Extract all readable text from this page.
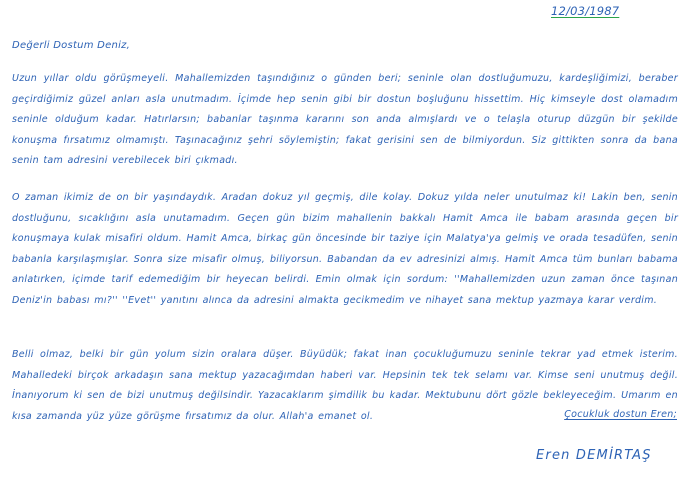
12/03/1987
Değerli Dostum Deniz,

Uzun yıllar oldu görüşmeyeli. Mahallemizden taşındığınız o günden beri; seninle olan dostluğumuzu, kardeşliğimizi, beraber geçirdiğimiz güzel anları asla unutmadım. İçimde hep senin gibi bir dostun boşluğunu hissettim. Hiç kimseyle dost olamadım seninle olduğum kadar. Hatırlarsın; babanlar taşınma kararını son anda almışlardı ve o telaşla oturup düzgün bir şekilde konuşma fırsatımız olmamıştı. Taşınacağınız şehri söylemiştin; fakat gerisini sen de bilmiyordun. Siz gittikten sonra da bana senin tam adresini verebilecek biri çıkmadı.

O zaman ikimiz de on bir yaşındaydık. Aradan dokuz yıl geçmiş, dile kolay. Dokuz yılda neler unutulmaz ki! Lakin ben, senin dostluğunu, sıcaklığını asla unutamadım. Geçen gün bizim mahallenin bakkalı Hamit Amca ile babam arasında geçen bir konuşmaya kulak misafiri oldum. Hamit Amca, birkaç gün öncesinde bir taziye için Malatya'ya gelmiş ve orada tesadüfen, senin babanla karşılaşmışlar. Sonra size misafir olmuş, biliyorsun. Babandan da ev adresinizi almış. Hamit Amca tüm bunları babama anlatırken, içimde tarif edemediğim bir heyecan belirdi. Emin olmak için sordum: ''Mahallemizden uzun zaman önce taşınan Deniz'in babası mı?'' ''Evet'' yanıtını alınca da adresini almakta gecikmedim ve nihayet sana mektup yazmaya karar verdim.

Belli olmaz, belki bir gün yolum sizin oralara düşer. Büyüdük; fakat inan çocukluğumuzu seninle tekrar yad etmek isterim. Mahalledeki birçok arkadaşın sana mektup yazacağımdan haberi var. Hepsinin tek tek selamı var. Kimse seni unutmuş değil. İnanıyorum ki sen de bizi unutmuş değilsindir. Yazacaklarım şimdilik bu kadar. Mektubunu dört gözle bekleyeceğim. Umarım en kısa zamanda yüz yüze görüşme fırsatımız da olur. Allah'a emanet ol.	Çocukluk dostun Eren;
Eren DEMİRTAŞ
